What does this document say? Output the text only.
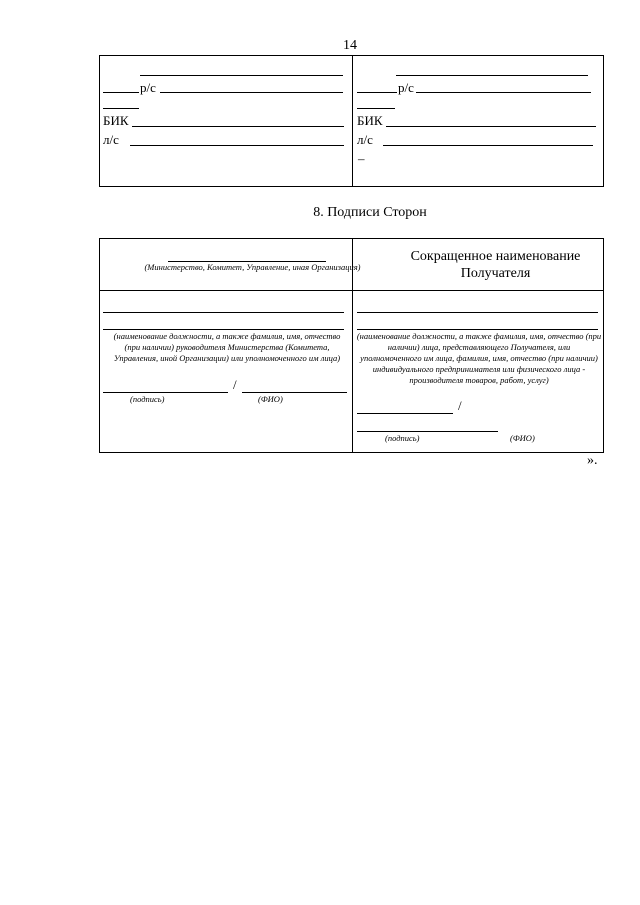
14
р/с
БИК
л/с
р/с
БИК
л/с
–
8. Подписи Сторон
(Министерство, Комитет, Управление, иная Организация)
Сокращенное наименование Получателя
(наименование должности, а также фамилия, имя, отчество (при наличии) руководителя Министерства (Комитета, Управления, иной Организации) или уполномоченного им лица)
/
(подпись)	(ФИО)
(наименование должности, а также фамилия, имя, отчество (при наличии) лица, представляющего Получателя, или уполномоченного им лица, фамилия, имя, отчество (при наличии) индивидуального предпринимателя или физического лица - производителя товаров, работ, услуг)
/
(подпись)	(ФИО)
».
